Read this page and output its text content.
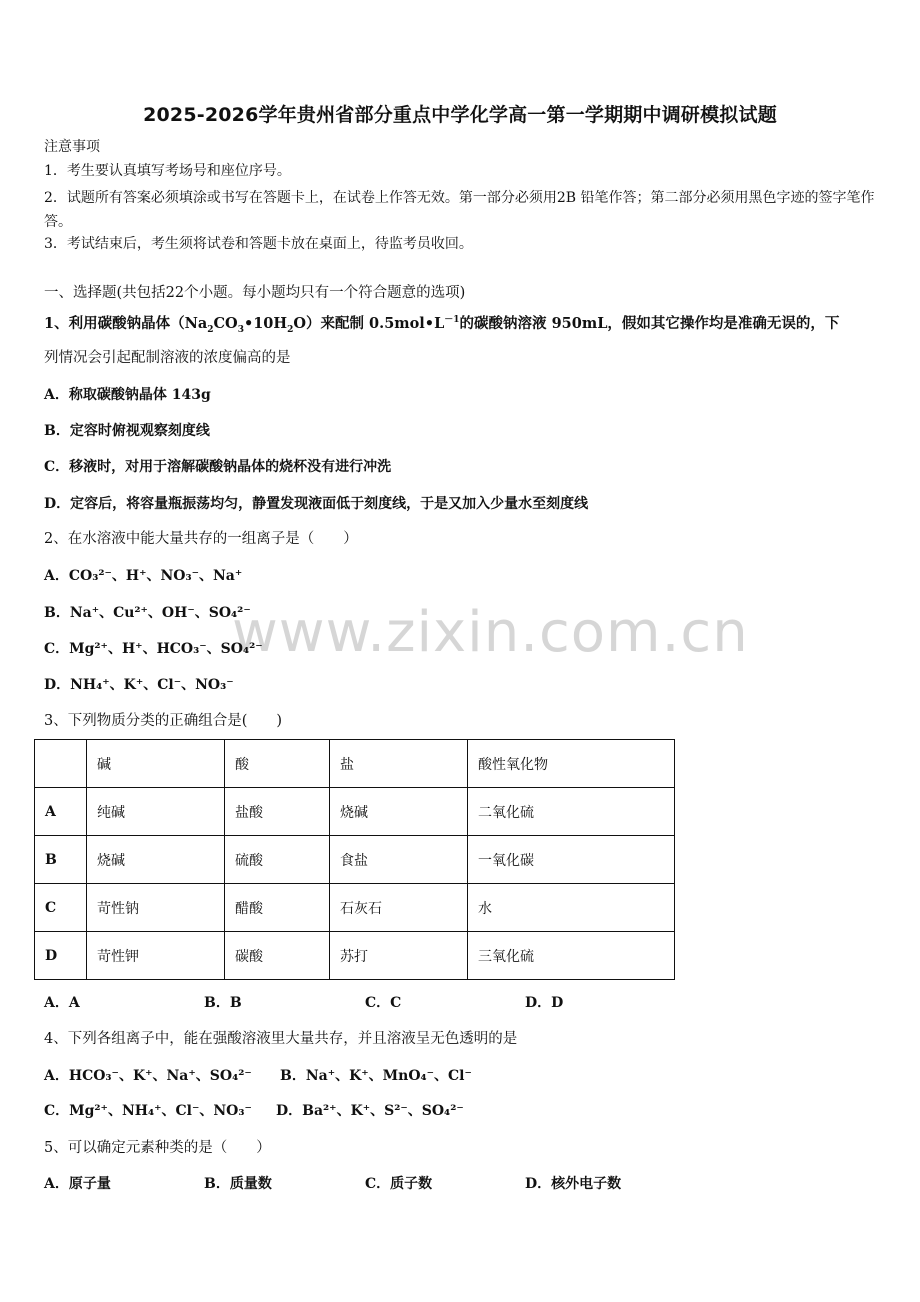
www.zixin.com.cn
2025-2026学年贵州省部分重点中学化学高一第一学期期中调研模拟试题
注意事项
1．考生要认真填写考场号和座位序号。
2．试题所有答案必须填涂或书写在答题卡上，在试卷上作答无效。第一部分必须用2B 铅笔作答；第二部分必须用黑色字迹的签字笔作答。
3．考试结束后，考生须将试卷和答题卡放在桌面上，待监考员收回。
一、选择题(共包括22个小题。每小题均只有一个符合题意的选项)
1、利用碳酸钠晶体$(Na_2CO_3•10H_2O)$来配制 $0.5mol•L^{-1}$的碳酸钠溶液 950mL，假如其它操作均是准确无误的，下
列情况会引起配制溶液的浓度偏高的是
A．称取碳酸钠晶体 143g
B．定容时俯视观察刻度线
C．移液时，对用于溶解碳酸钠晶体的烧杯没有进行冲洗
D．定容后，将容量瓶振荡均匀，静置发现液面低于刻度线，于是又加入少量水至刻度线
2、在水溶液中能大量共存的一组离子是（　　）
A．CO₃²⁻、H⁺、NO₃⁻、Na⁺
B．Na⁺、Cu²⁺、OH⁻、SO₄²⁻
C．Mg²⁺、H⁺、HCO₃⁻、SO₄²⁻
D．NH₄⁺、K⁺、Cl⁻、NO₃⁻
3、下列物质分类的正确组合是(　　)
	碱	酸	盐	酸性氧化物
A	纯碱	盐酸	烧碱	二氧化硫
B	烧碱	硫酸	食盐	一氧化碳
C	苛性钠	醋酸	石灰石	水
D	苛性钾	碳酸	苏打	三氧化硫
A．A	B．B	C．C	D．D
4、下列各组离子中，能在强酸溶液里大量共存，并且溶液呈无色透明的是
A．HCO₃⁻、K⁺、Na⁺、SO₄²⁻ B．Na⁺、K⁺、MnO₄⁻、Cl⁻
C．Mg²⁺、NH₄⁺、Cl⁻、NO₃⁻ D．Ba²⁺、K⁺、S²⁻、SO₄²⁻
5、可以确定元素种类的是（　　）
A．原子量	B．质量数	C．质子数	D．核外电子数
